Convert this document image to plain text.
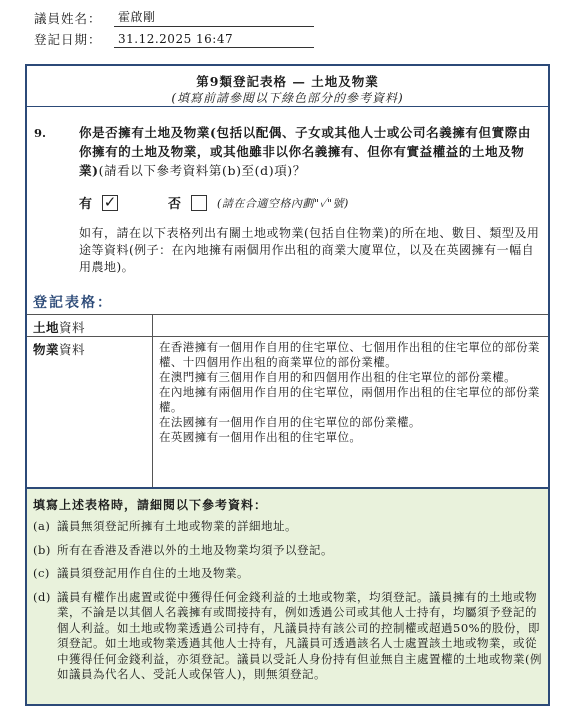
議員姓名：	霍啟剛
登記日期：	31.12.2025 16:47
第9類登記表格 — 土地及物業
(填寫前請參閱以下綠色部分的參考資料)
9.	你是否擁有土地及物業(包括以配偶、子女或其他人士或公司名義擁有但實際由你擁有的土地及物業，或其他雖非以你名義擁有、但你有實益權益的土地及物業)(請看以下參考資料第(b)至(d)項)？
有 ✓	否	(請在合適空格內劃"✓"號)
如有，請在以下表格列出有關土地或物業(包括自住物業)的所在地、數目、類型及用途等資料(例子：在內地擁有兩個用作出租的商業大廈單位，以及在英國擁有一幅自用農地)。
登記表格：
土地資料
物業資料	在香港擁有一個用作自用的住宅單位、七個用作出租的住宅單位的部份業權、十四個用作出租的商業單位的部份業權。
在澳門擁有三個用作自用的和四個用作出租的住宅單位的部份業權。
在內地擁有兩個用作自用的住宅單位，兩個用作出租的住宅單位的部份業權。
在法國擁有一個用作自用的住宅單位的部份業權。
在英國擁有一個用作出租的住宅單位。
填寫上述表格時，請細閱以下參考資料：
(a) 議員無須登記所擁有土地或物業的詳細地址。
(b) 所有在香港及香港以外的土地及物業均須予以登記。
(c) 議員須登記用作自住的土地及物業。
(d) 議員有權作出處置或從中獲得任何金錢利益的土地或物業，均須登記。議員擁有的土地或物業，不論是以其個人名義擁有或間接持有，例如透過公司或其他人士持有，均屬須予登記的個人利益。如土地或物業透過公司持有，凡議員持有該公司的控制權或超過50%的股份，即須登記。如土地或物業透過其他人士持有，凡議員可透過該名人士處置該土地或物業，或從中獲得任何金錢利益，亦須登記。議員以受託人身份持有但並無自主處置權的土地或物業(例如議員為代名人、受託人或保管人)，則無須登記。
